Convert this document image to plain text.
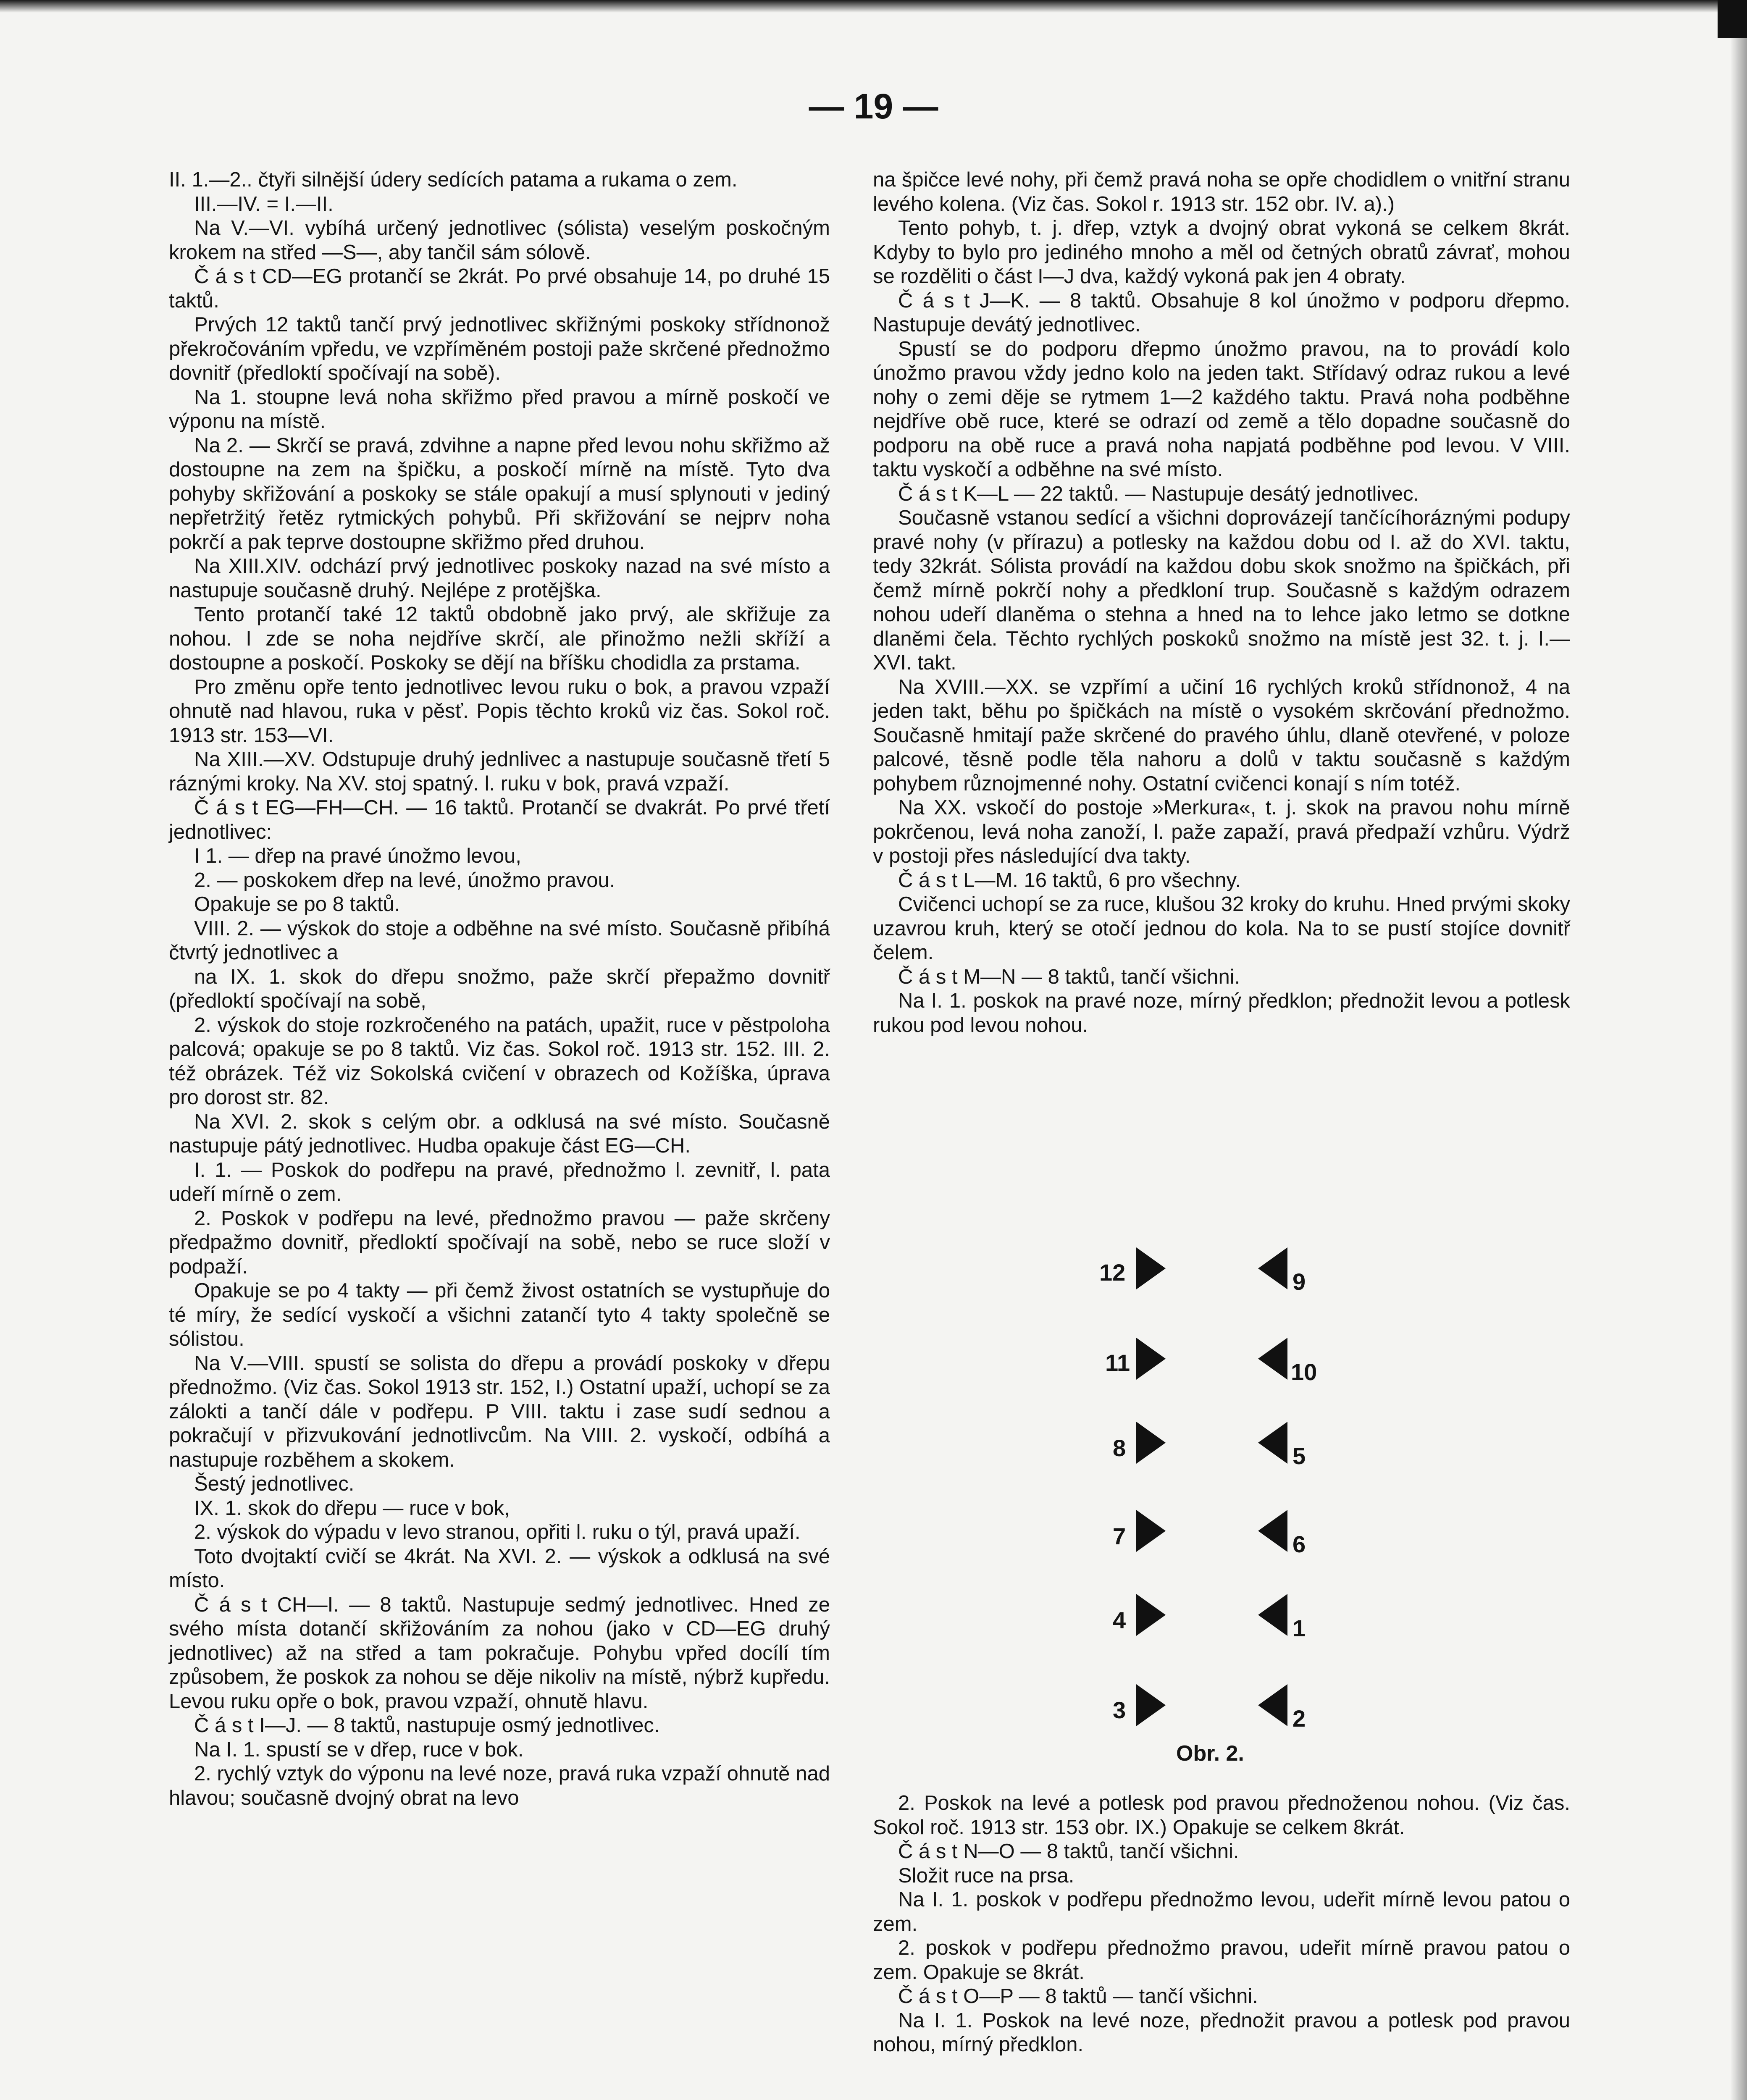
— 19 —

II. 1.—2.. čtyři silnější údery sedících patama a rukama o zem.

III.—IV. = I.—II.

Na V.—VI. vybíhá určený jednotlivec (sólista) veselým poskočným krokem na střed —S—, aby tančil sám sólově.

Č á s t CD—EG protančí se 2krát. Po prvé obsahuje 14, po druhé 15 taktů.

Prvých 12 taktů tančí prvý jednotlivec skřižnými poskoky střídnonož překročováním vpředu, ve vzpříměném postoji paže skrčené přednožmo dovnitř (předloktí spočívají na sobě).

Na 1. stoupne levá noha skřižmo před pravou a mírně poskočí ve výponu na místě.

Na 2. — Skrčí se pravá, zdvihne a napne před levou nohu skřižmo až dostoupne na zem na špičku, a poskočí mírně na místě. Tyto dva pohyby skřižování a poskoky se stále opakují a musí splynouti v jediný nepřetržitý řetěz rytmických pohybů. Při skřižování se nejprv noha pokrčí a pak teprve dostoupne skřižmo před druhou.

Na XIII.XIV. odchází prvý jednotlivec poskoky nazad na své místo a nastupuje současně druhý. Nejlépe z protějška.

Tento protančí také 12 taktů obdobně jako prvý, ale skřižuje za nohou. I zde se noha nejdříve skrčí, ale přinožmo nežli skříží a dostoupne a poskočí. Poskoky se dějí na bříšku chodidla za prstama.

Pro změnu opře tento jednotlivec levou ruku o bok, a pravou vzpaží ohnutě nad hlavou, ruka v pěsť. Popis těchto kroků viz čas. Sokol roč. 1913 str. 153—VI.

Na XIII.—XV. Odstupuje druhý jednlivec a nastupuje současně třetí 5 ráznými kroky. Na XV. stoj spatný. l. ruku v bok, pravá vzpaží.

Č á s t EG—FH—CH. — 16 taktů. Protančí se dvakrát. Po prvé třetí jednotlivec:

I 1. — dřep na pravé únožmo levou,

2. — poskokem dřep na levé, únožmo pravou.

Opakuje se po 8 taktů.

VIII. 2. — výskok do stoje a odběhne na své místo. Současně přibíhá čtvrtý jednotlivec a

na IX. 1. skok do dřepu snožmo, paže skrčí přepažmo dovnitř (předloktí spočívají na sobě,

2. výskok do stoje rozkročeného na patách, upažit, ruce v pěstpoloha palcová; opakuje se po 8 taktů. Viz čas. Sokol roč. 1913 str. 152. III. 2. též obrázek. Též viz Sokolská cvičení v obrazech od Kožíška, úprava pro dorost str. 82.

Na XVI. 2. skok s celým obr. a odklusá na své místo. Současně nastupuje pátý jednotlivec. Hudba opakuje část EG—CH.

I. 1. — Poskok do podřepu na pravé, přednožmo l. zevnitř, l. pata udeří mírně o zem.

2. Poskok v podřepu na levé, přednožmo pravou — paže skrčeny předpažmo dovnitř, předloktí spočívají na sobě, nebo se ruce složí v podpaží.

Opakuje se po 4 takty — při čemž živost ostatních se vystupňuje do té míry, že sedící vyskočí a všichni zatančí tyto 4 takty společně se sólistou.

Na V.—VIII. spustí se solista do dřepu a provádí poskoky v dřepu přednožmo. (Viz čas. Sokol 1913 str. 152, I.) Ostatní upaží, uchopí se za zálokti a tančí dále v podřepu. P VIII. taktu i zase sudí sednou a pokračují v přizvukování jednotlivcům. Na VIII. 2. vyskočí, odbíhá a nastupuje rozběhem a skokem.

Šestý jednotlivec.

IX. 1. skok do dřepu — ruce v bok,

2. výskok do výpadu v levo stranou, opřiti l. ruku o týl, pravá upaží.

Toto dvojtaktí cvičí se 4krát. Na XVI. 2. — výskok a odklusá na své místo.

Č á s t CH—I. — 8 taktů. Nastupuje sedmý jednotlivec. Hned ze svého místa dotančí skřižováním za nohou (jako v CD—EG druhý jednotlivec) až na střed a tam pokračuje. Pohybu vpřed docílí tím způsobem, že poskok za nohou se děje nikoliv na místě, nýbrž kupředu. Levou ruku opře o bok, pravou vzpaží, ohnutě hlavu.

Č á s t I—J. — 8 taktů, nastupuje osmý jednotlivec.

Na I. 1. spustí se v dřep, ruce v bok.

2. rychlý vztyk do výponu na levé noze, pravá ruka vzpaží ohnutě nad hlavou; současně dvojný obrat na levo

na špičce levé nohy, při čemž pravá noha se opře chodidlem o vnitřní stranu levého kolena. (Viz čas. Sokol r. 1913 str. 152 obr. IV. a).)

Tento pohyb, t. j. dřep, vztyk a dvojný obrat vykoná se celkem 8krát. Kdyby to bylo pro jediného mnoho a měl od četných obratů závrať, mohou se rozděliti o část I—J dva, každý vykoná pak jen 4 obraty.

Č á s t J—K. — 8 taktů. Obsahuje 8 kol únožmo v podporu dřepmo. Nastupuje devátý jednotlivec.

Spustí se do podporu dřepmo únožmo pravou, na to provádí kolo únožmo pravou vždy jedno kolo na jeden takt. Střídavý odraz rukou a levé nohy o zemi děje se rytmem 1—2 každého taktu. Pravá noha podběhne nejdříve obě ruce, které se odrazí od země a tělo dopadne současně do podporu na obě ruce a pravá noha napjatá podběhne pod levou. V VIII. taktu vyskočí a odběhne na své místo.

Č á s t K—L — 22 taktů. — Nastupuje desátý jednotlivec.

Současně vstanou sedící a všichni doprovázejí tančícíhoráznými podupy pravé nohy (v přírazu) a potlesky na každou dobu od I. až do XVI. taktu, tedy 32krát. Sólista provádí na každou dobu skok snožmo na špičkách, při čemž mírně pokrčí nohy a předkloní trup. Současně s každým odrazem nohou udeří dlaněma o stehna a hned na to lehce jako letmo se dotkne dlaněmi čela. Těchto rychlých poskoků snožmo na místě jest 32. t. j. I.—XVI. takt.

Na XVIII.—XX. se vzpřímí a učiní 16 rychlých kroků střídnonož, 4 na jeden takt, běhu po špičkách na místě o vysokém skrčování přednožmo. Současně hmitají paže skrčené do pravého úhlu, dlaně otevřené, v poloze palcové, těsně podle těla nahoru a dolů v taktu současně s každým pohybem různojmenné nohy. Ostatní cvičenci konají s ním totéž.

Na XX. vskočí do postoje »Merkura«, t. j. skok na pravou nohu mírně pokrčenou, levá noha zanoží, l. paže zapaží, pravá předpaží vzhůru. Výdrž v postoji přes následující dva takty.

Č á s t L—M. 16 taktů, 6 pro všechny.

Cvičenci uchopí se za ruce, klušou 32 kroky do kruhu. Hned prvými skoky uzavrou kruh, který se otočí jednou do kola. Na to se pustí stojíce dovnitř čelem.

Č á s t M—N — 8 taktů, tančí všichni.

Na I. 1. poskok na pravé noze, mírný předklon; přednožit levou a potlesk rukou pod levou nohou.

12
11
8
7
4
3
9
10
5
6
1
2
Obr. 2.

2. Poskok na levé a potlesk pod pravou přednoženou nohou. (Viz čas. Sokol roč. 1913 str. 153 obr. IX.) Opakuje se celkem 8krát.

Č á s t N—O — 8 taktů, tančí všichni.

Složit ruce na prsa.

Na I. 1. poskok v podřepu přednožmo levou, udeřit mírně levou patou o zem.

2. poskok v podřepu přednožmo pravou, udeřit mírně pravou patou o zem. Opakuje se 8krát.

Č á s t O—P — 8 taktů — tančí všichni.

Na I. 1. Poskok na levé noze, přednožit pravou a potlesk pod pravou nohou, mírný předklon.
